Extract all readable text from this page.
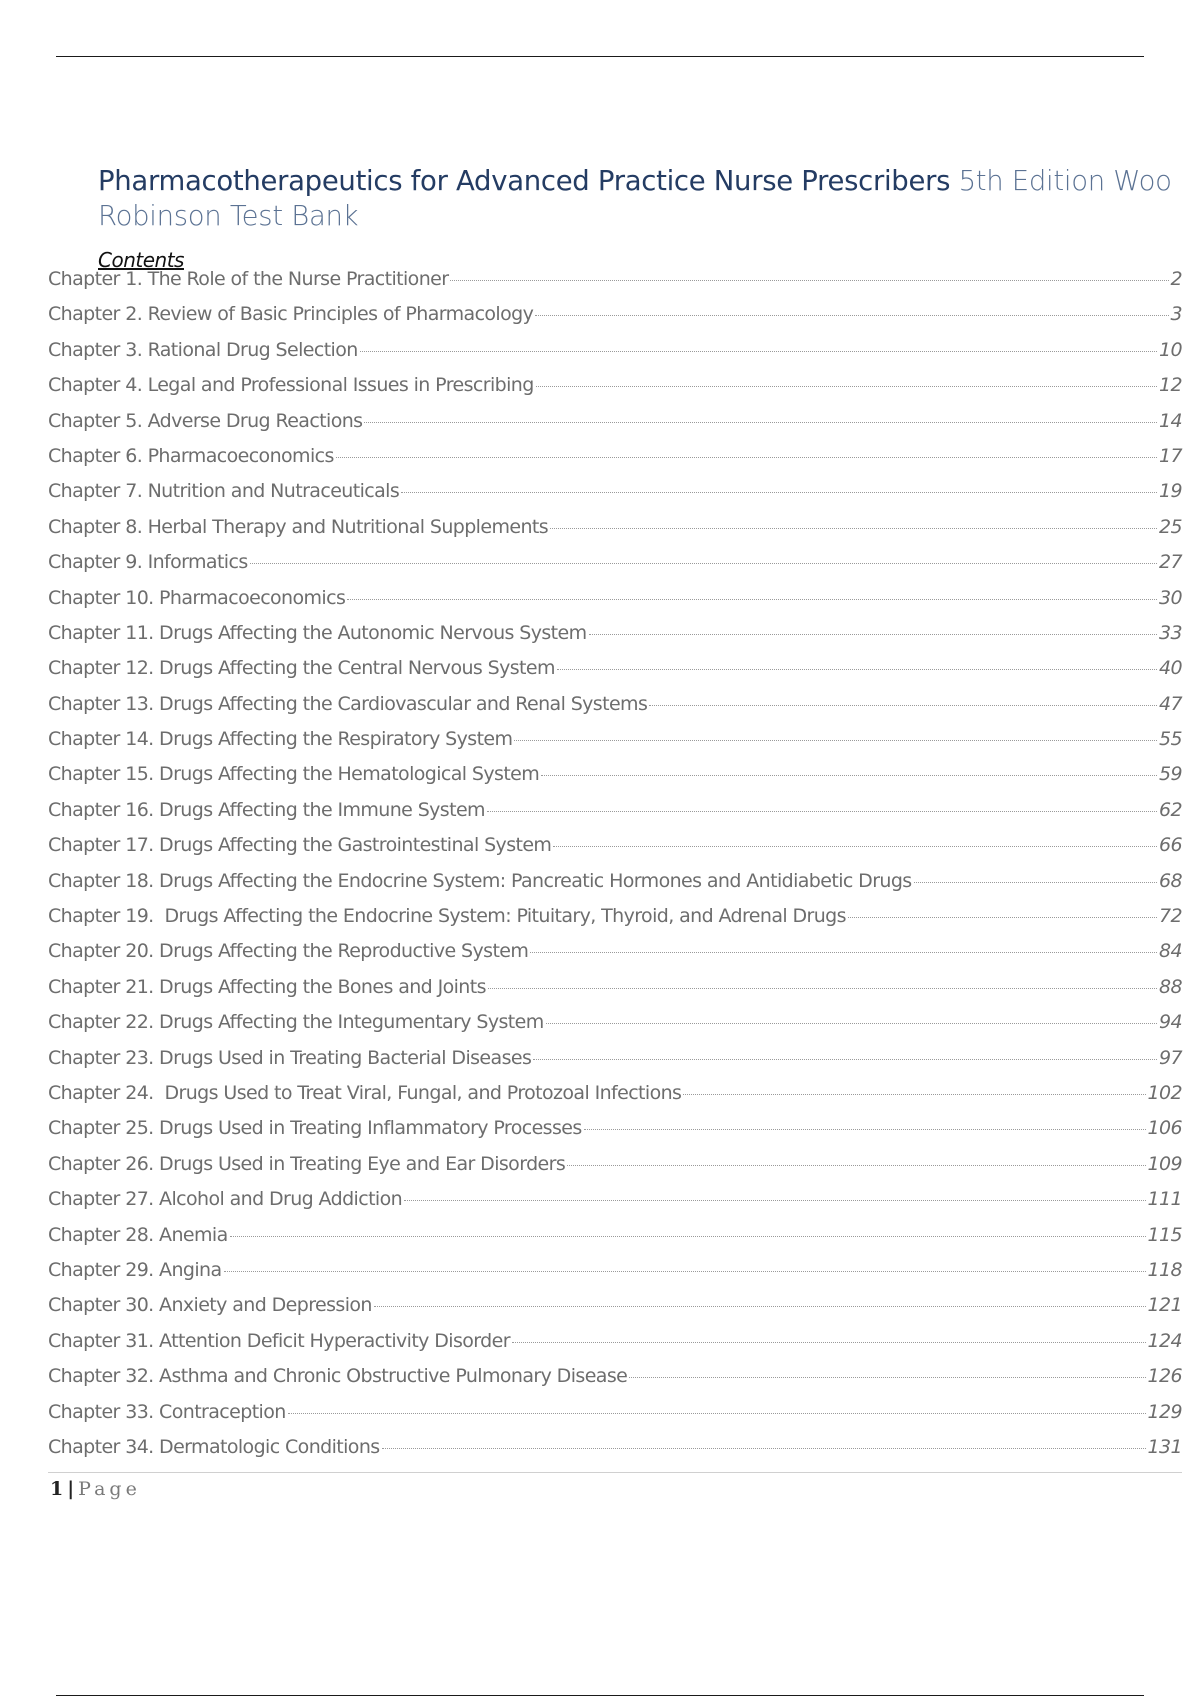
Pharmacotherapeutics for Advanced Practice Nurse Prescribers 5th Edition Woo Robinson Test Bank
Contents
Chapter 1. The Role of the Nurse Practitioner	2
Chapter 2. Review of Basic Principles of Pharmacology	3
Chapter 3. Rational Drug Selection	10
Chapter 4. Legal and Professional Issues in Prescribing	12
Chapter 5. Adverse Drug Reactions	14
Chapter 6. Pharmacoeconomics	17
Chapter 7. Nutrition and Nutraceuticals	19
Chapter 8. Herbal Therapy and Nutritional Supplements	25
Chapter 9. Informatics	27
Chapter 10. Pharmacoeconomics	30
Chapter 11. Drugs Affecting the Autonomic Nervous System	33
Chapter 12. Drugs Affecting the Central Nervous System	40
Chapter 13. Drugs Affecting the Cardiovascular and Renal Systems	47
Chapter 14. Drugs Affecting the Respiratory System	55
Chapter 15. Drugs Affecting the Hematological System	59
Chapter 16. Drugs Affecting the Immune System	62
Chapter 17. Drugs Affecting the Gastrointestinal System	66
Chapter 18. Drugs Affecting the Endocrine System: Pancreatic Hormones and Antidiabetic Drugs	68
Chapter 19.  Drugs Affecting the Endocrine System: Pituitary, Thyroid, and Adrenal Drugs	72
Chapter 20. Drugs Affecting the Reproductive System	84
Chapter 21. Drugs Affecting the Bones and Joints	88
Chapter 22. Drugs Affecting the Integumentary System	94
Chapter 23. Drugs Used in Treating Bacterial Diseases	97
Chapter 24.  Drugs Used to Treat Viral, Fungal, and Protozoal Infections	102
Chapter 25. Drugs Used in Treating Inflammatory Processes	106
Chapter 26. Drugs Used in Treating Eye and Ear Disorders	109
Chapter 27. Alcohol and Drug Addiction	111
Chapter 28. Anemia	115
Chapter 29. Angina	118
Chapter 30. Anxiety and Depression	121
Chapter 31. Attention Deficit Hyperactivity Disorder	124
Chapter 32. Asthma and Chronic Obstructive Pulmonary Disease	126
Chapter 33. Contraception	129
Chapter 34. Dermatologic Conditions	131
1 | Page
